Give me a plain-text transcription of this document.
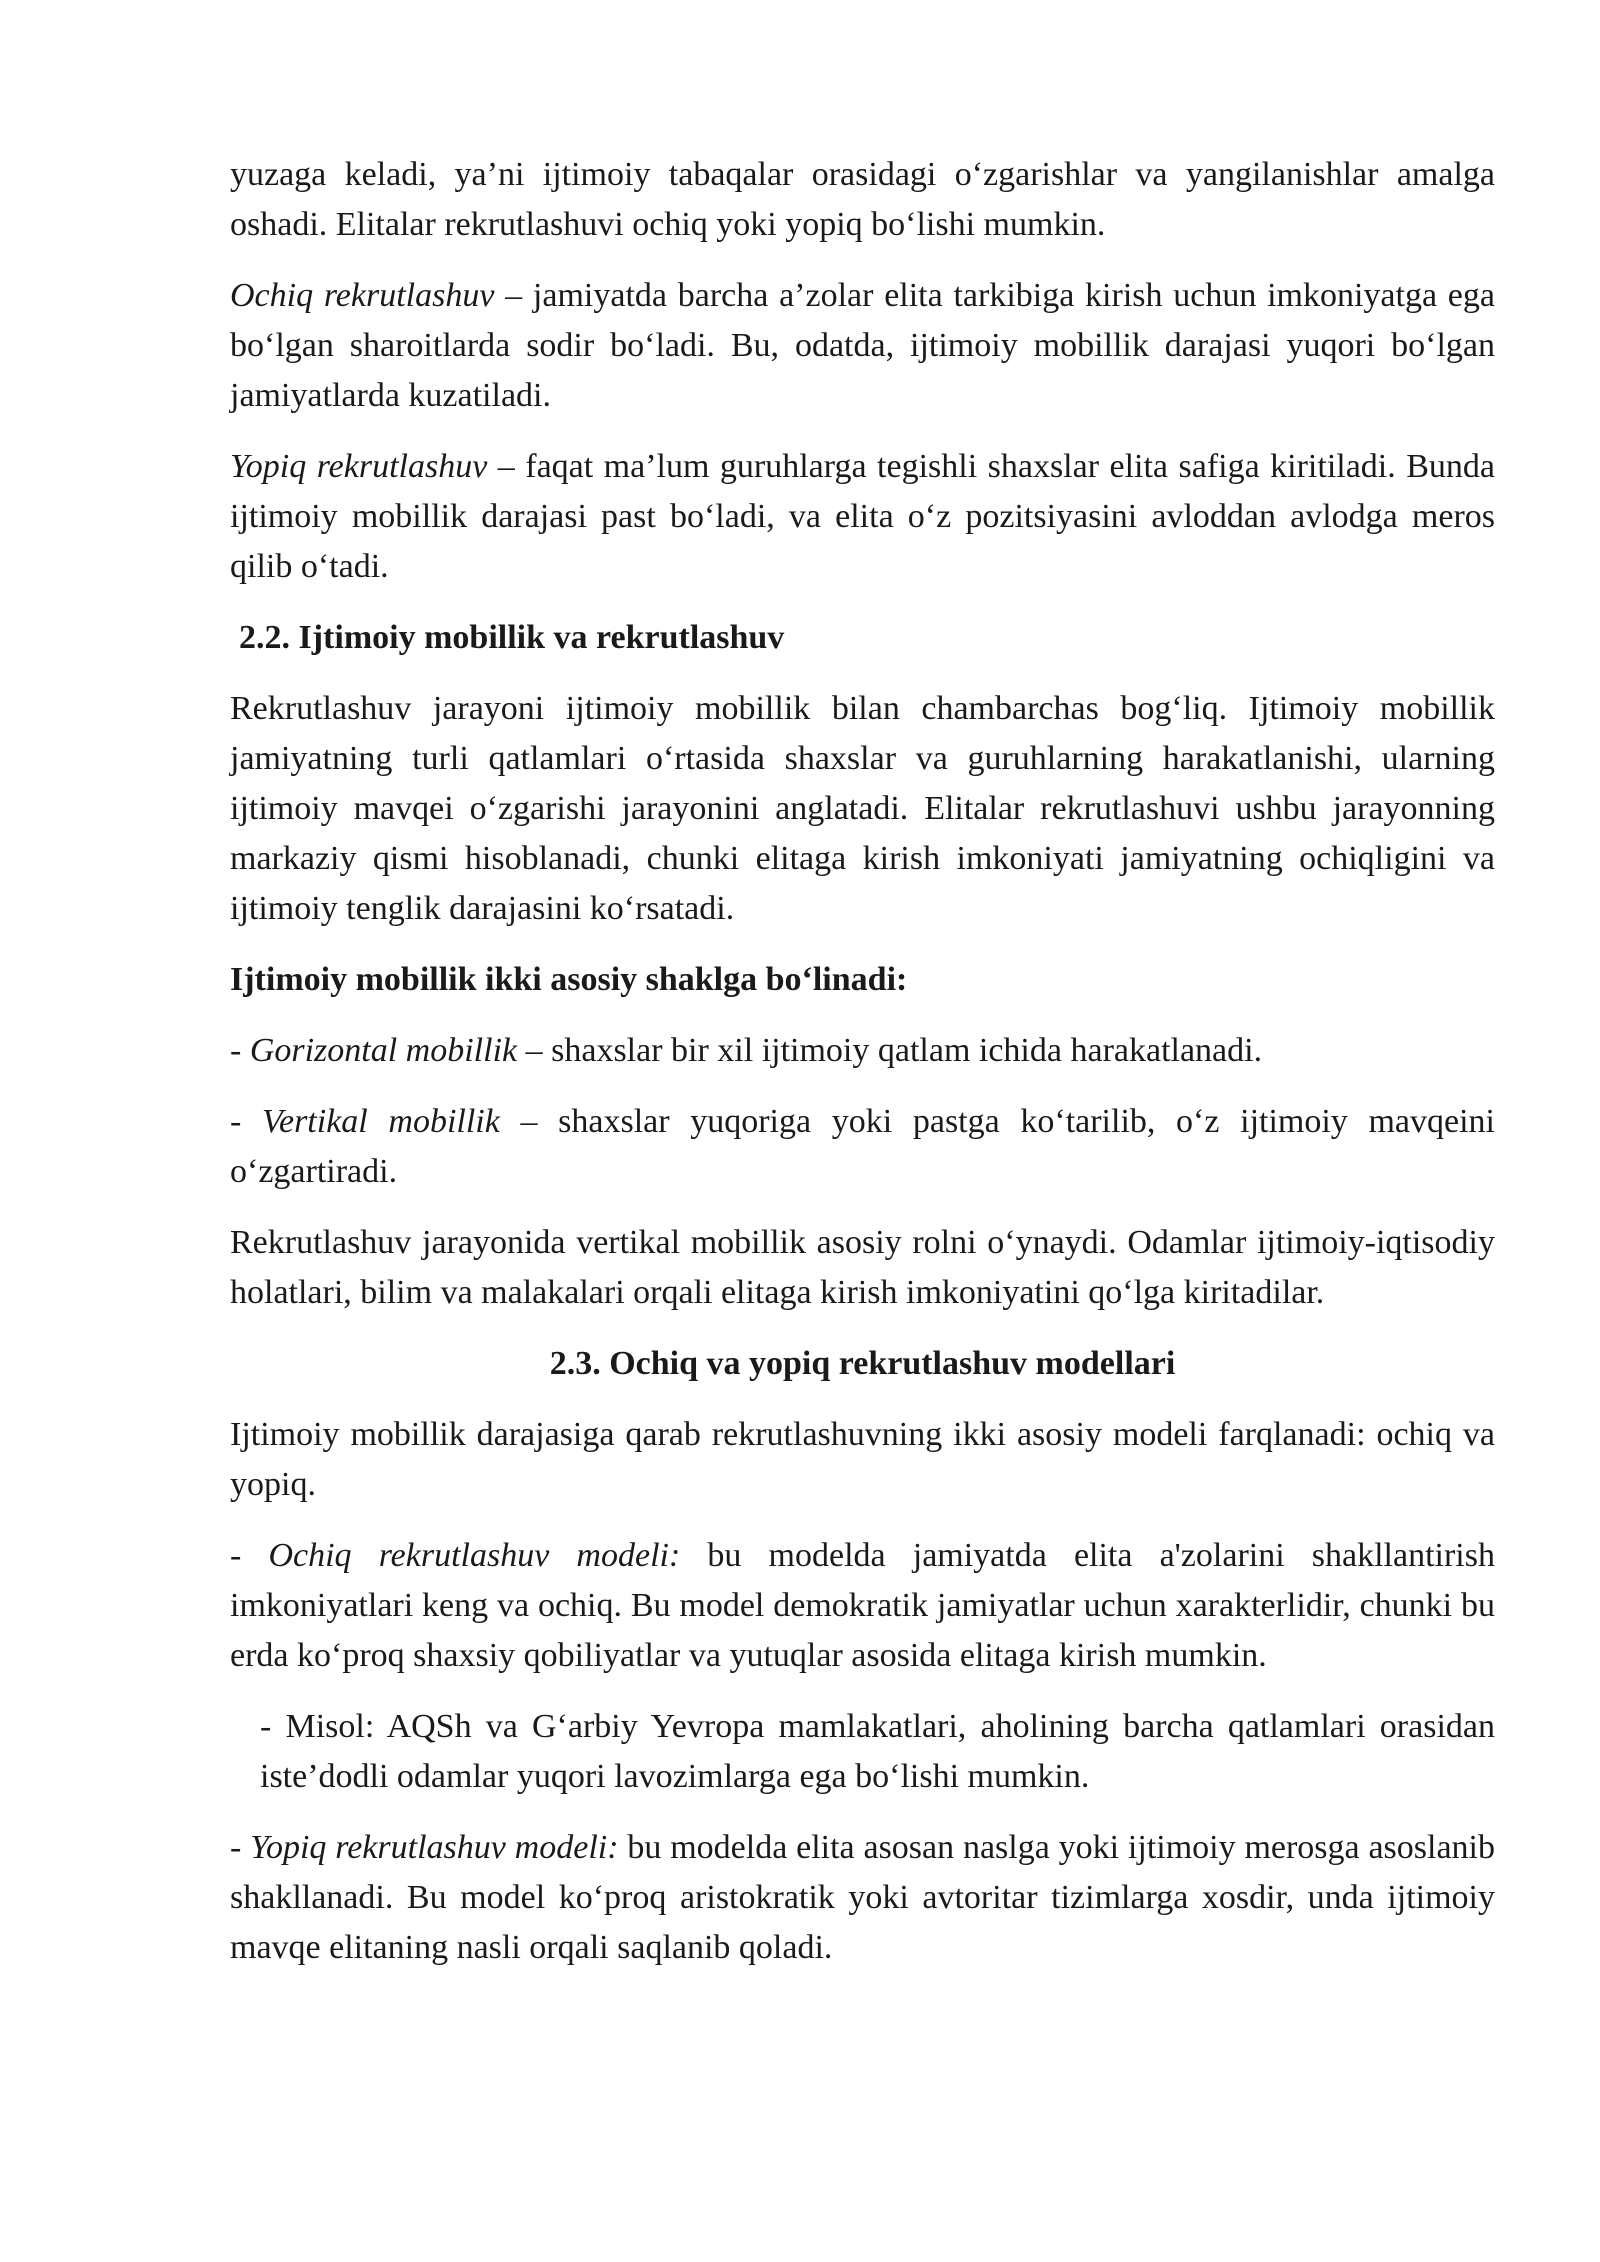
yuzaga keladi, ya’ni ijtimoiy tabaqalar orasidagi o‘zgarishlar va yangilanishlar amalga oshadi. Elitalar rekrutlashuvi ochiq yoki yopiq bo‘lishi mumkin.

Ochiq rekrutlashuv – jamiyatda barcha a’zolar elita tarkibiga kirish uchun imkoniyatga ega bo‘lgan sharoitlarda sodir bo‘ladi. Bu, odatda, ijtimoiy mobillik darajasi yuqori bo‘lgan jamiyatlarda kuzatiladi.

Yopiq rekrutlashuv – faqat ma’lum guruhlarga tegishli shaxslar elita safiga kiritiladi. Bunda ijtimoiy mobillik darajasi past bo‘ladi, va elita o‘z pozitsiyasini avloddan avlodga meros qilib o‘tadi.

2.2. Ijtimoiy mobillik va rekrutlashuv

Rekrutlashuv jarayoni ijtimoiy mobillik bilan chambarchas bog‘liq. Ijtimoiy mobillik jamiyatning turli qatlamlari o‘rtasida shaxslar va guruhlarning harakatlanishi, ularning ijtimoiy mavqei o‘zgarishi jarayonini anglatadi. Elitalar rekrutlashuvi ushbu jarayonning markaziy qismi hisoblanadi, chunki elitaga kirish imkoniyati jamiyatning ochiqligini va ijtimoiy tenglik darajasini ko‘rsatadi.

Ijtimoiy mobillik ikki asosiy shaklga bo‘linadi:

- Gorizontal mobillik – shaxslar bir xil ijtimoiy qatlam ichida harakatlanadi.

- Vertikal mobillik – shaxslar yuqoriga yoki pastga ko‘tarilib, o‘z ijtimoiy mavqeini o‘zgartiradi.

Rekrutlashuv jarayonida vertikal mobillik asosiy rolni o‘ynaydi. Odamlar ijtimoiy-iqtisodiy holatlari, bilim va malakalari orqali elitaga kirish imkoniyatini qo‘lga kiritadilar.

2.3. Ochiq va yopiq rekrutlashuv modellari

Ijtimoiy mobillik darajasiga qarab rekrutlashuvning ikki asosiy modeli farqlanadi: ochiq va yopiq.

- Ochiq rekrutlashuv modeli: bu modelda jamiyatda elita a'zolarini shakllantirish imkoniyatlari keng va ochiq. Bu model demokratik jamiyatlar uchun xarakterlidir, chunki bu erda ko‘proq shaxsiy qobiliyatlar va yutuqlar asosida elitaga kirish mumkin.

- Misol: AQSh va G‘arbiy Yevropa mamlakatlari, aholining barcha qatlamlari orasidan iste’dodli odamlar yuqori lavozimlarga ega bo‘lishi mumkin.

- Yopiq rekrutlashuv modeli: bu modelda elita asosan naslga yoki ijtimoiy merosga asoslanib shakllanadi. Bu model ko‘proq aristokratik yoki avtoritar tizimlarga xosdir, unda ijtimoiy mavqe elitaning nasli orqali saqlanib qoladi.
